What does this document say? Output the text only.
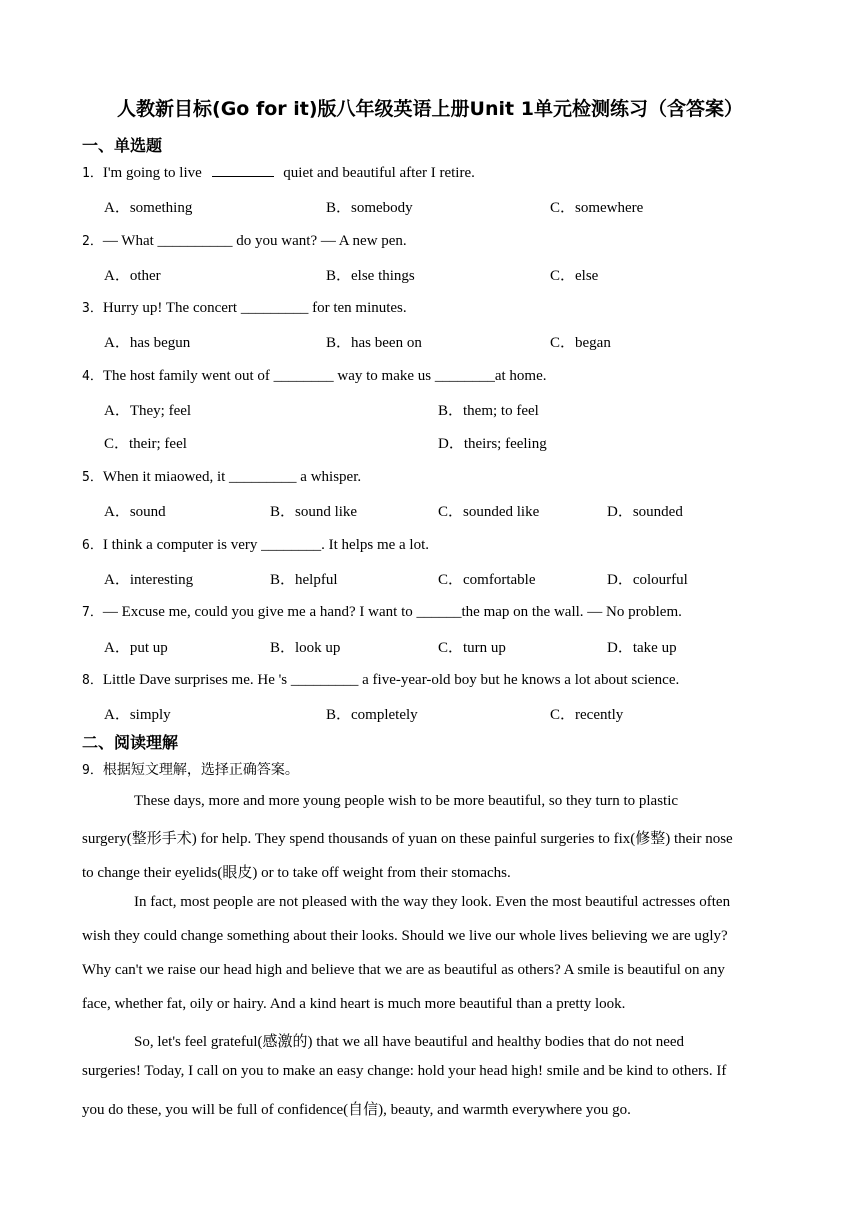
人教新目标(Go for it)版八年级英语上册Unit 1单元检测练习（含答案）
一、单选题
1．I'm going to live	quiet and beautiful after I retire.
A．something	B．somebody	C．somewhere
2．— What __________ do you want? — A new pen.
A．other	B．else things	C．else
3．Hurry up! The concert _________ for ten minutes.
A．has begun	B．has been on	C．began
4．The host family went out of ________ way to make us ________at home.
A．They; feel	B．them; to feel
C．their; feel	D．theirs; feeling
5．When it miaowed, it _________ a whisper.
A．sound	B．sound like	C．sounded like	D．sounded
6．I think a computer is very ________. It helps me a lot.
A．interesting	B．helpful	C．comfortable	D．colourful
7．— Excuse me, could you give me a hand? I want to ______the map on the wall. — No problem.
A．put up	B．look up	C．turn up	D．take up
8．Little Dave surprises me. He 's _________ a five-year-old boy but he knows a lot about science.
A．simply	B．completely	C．recently
二、阅读理解
9．根据短文理解，选择正确答案。
These days, more and more young people wish to be more beautiful, so they turn to plastic
surgery(整形手术) for help. They spend thousands of yuan on these painful surgeries to fix(修整) their nose
to change their eyelids(眼皮) or to take off weight from their stomachs.
In fact, most people are not pleased with the way they look. Even the most beautiful actresses often
wish they could change something about their looks. Should we live our whole lives believing we are ugly?
Why can't we raise our head high and believe that we are as beautiful as others? A smile is beautiful on any
face, whether fat, oily or hairy. And a kind heart is much more beautiful than a pretty look.
So, let's feel grateful(感激的) that we all have beautiful and healthy bodies that do not need
surgeries! Today, I call on you to make an easy change: hold your head high! smile and be kind to others. If
you do these, you will be full of confidence(自信), beauty, and warmth everywhere you go.
